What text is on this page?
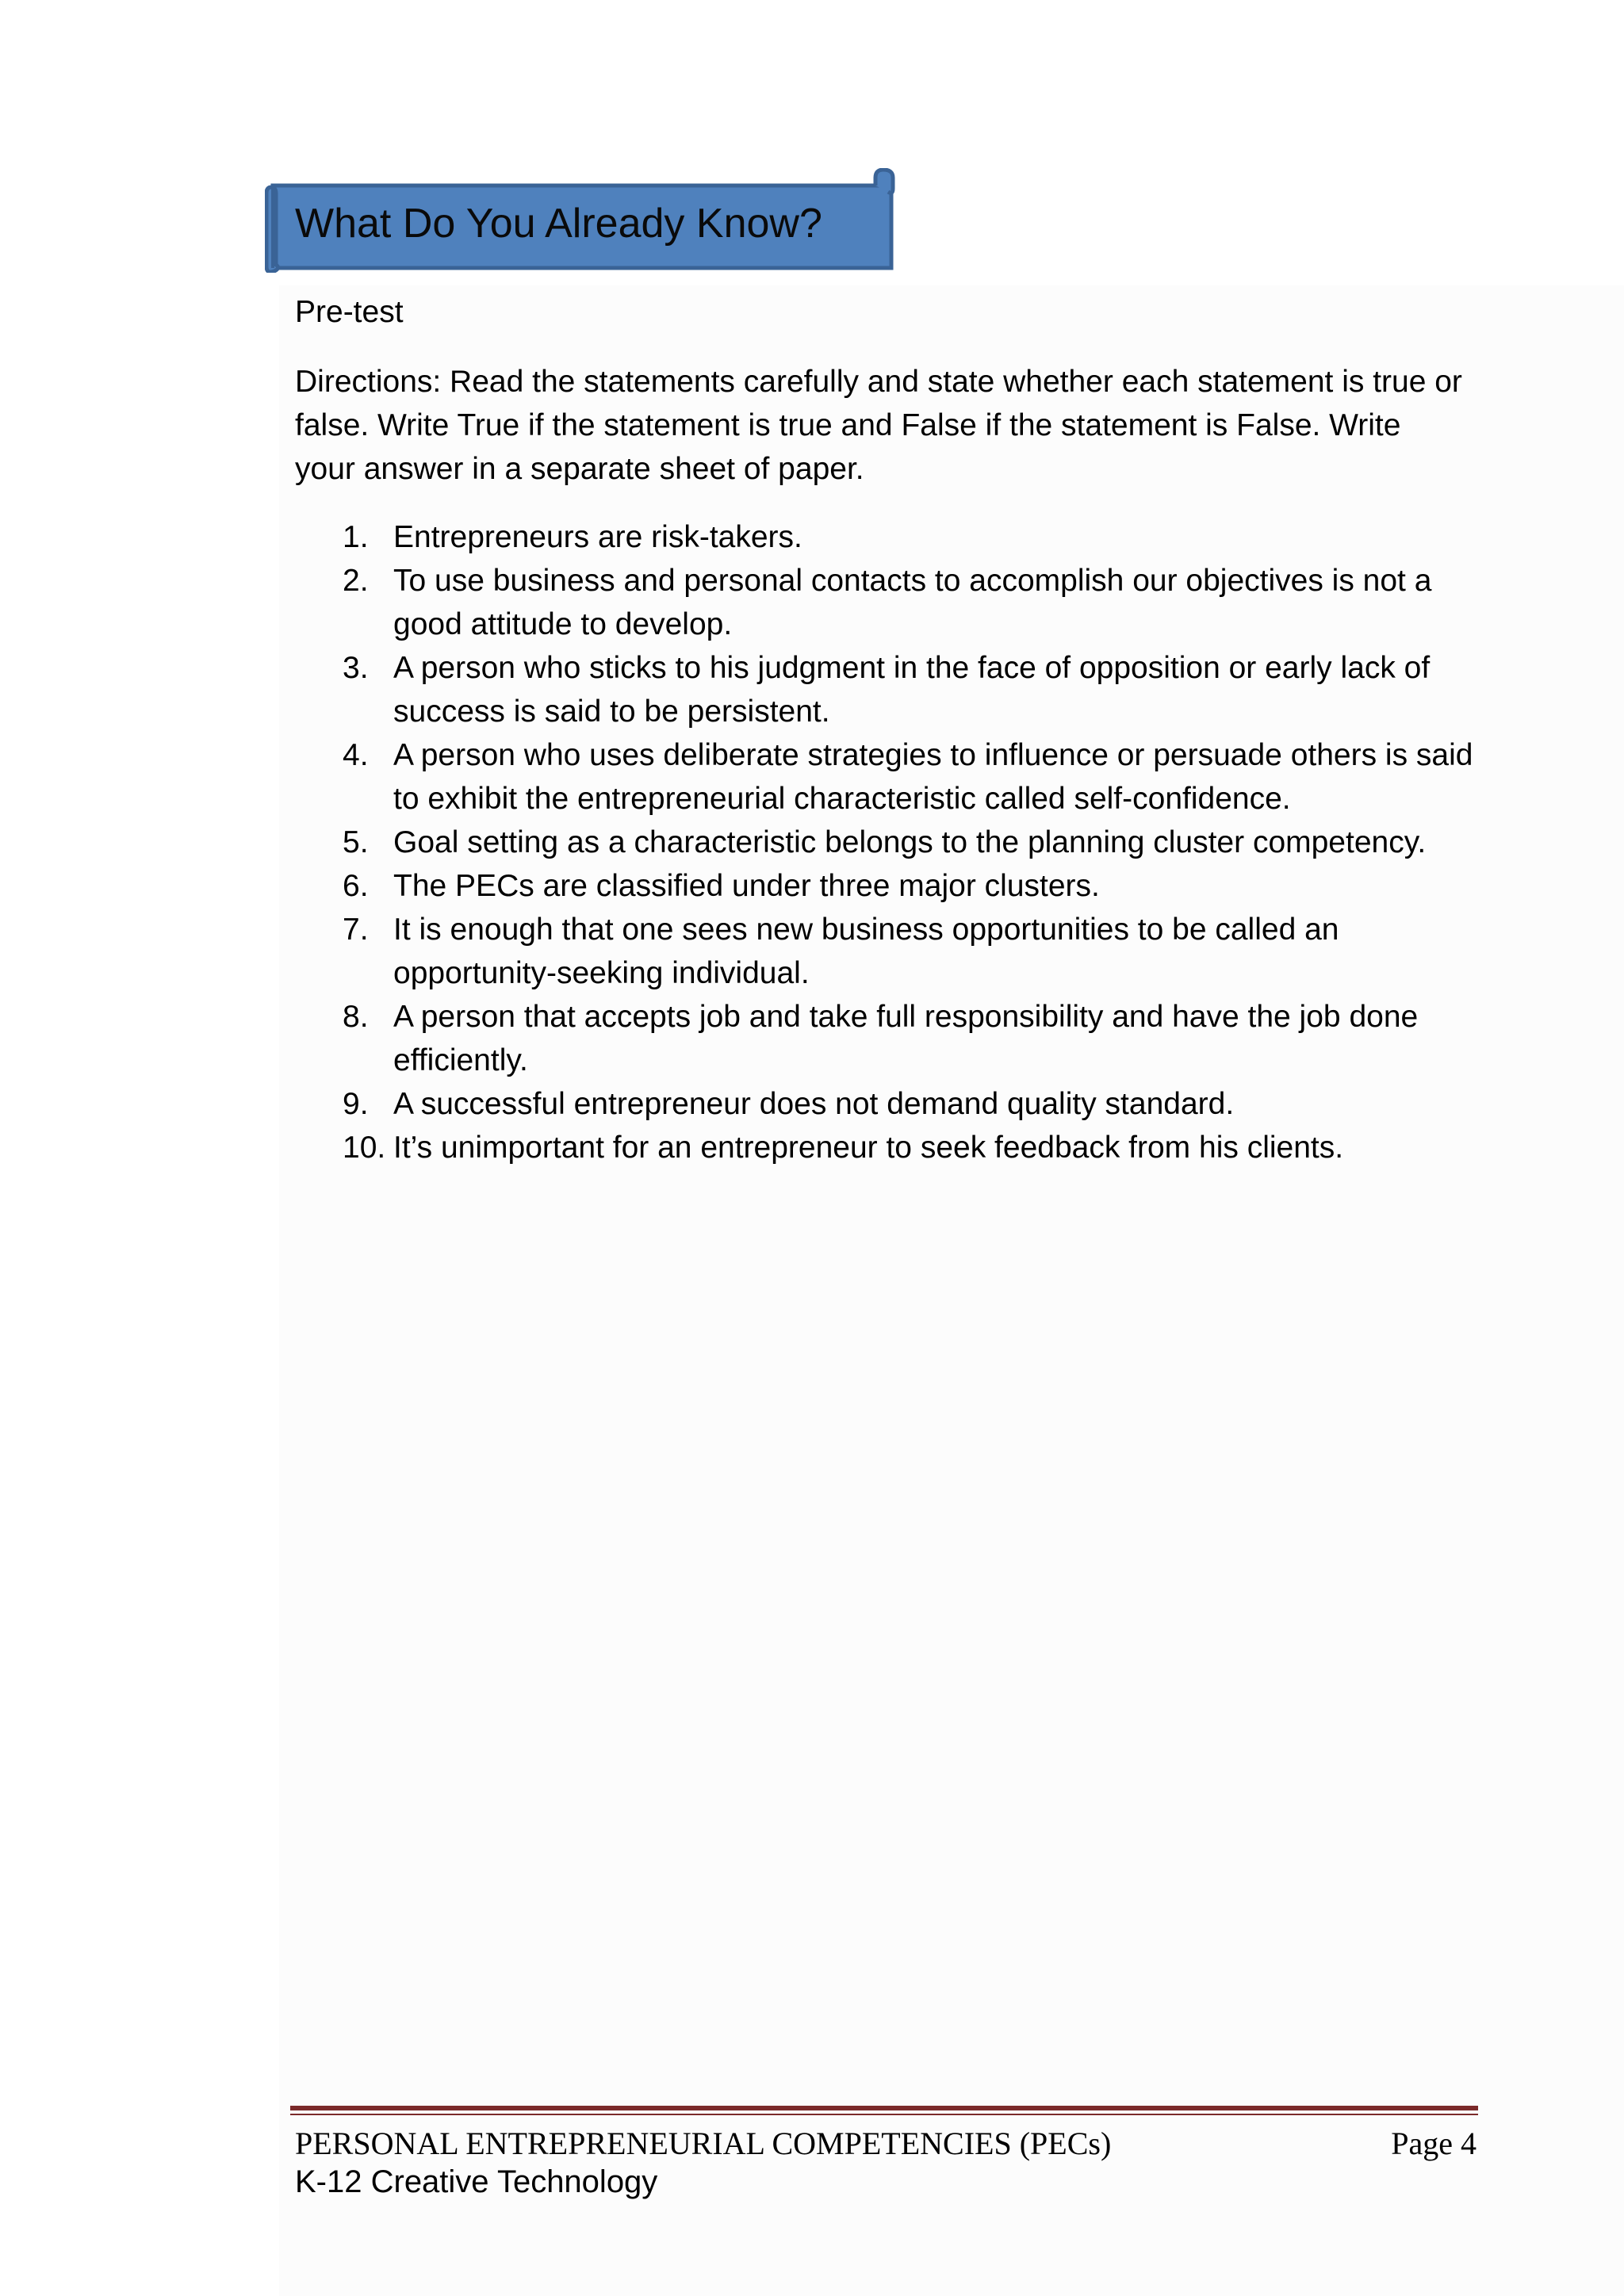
What Do You Already Know?

Pre-test

Directions: Read the statements carefully and state whether each statement is true or false. Write True if the statement is true and False if the statement is False. Write your answer in a separate sheet of paper.

1. Entrepreneurs are risk-takers.
2. To use business and personal contacts to accomplish our objectives is not a good attitude to develop.
3. A person who sticks to his judgment in the face of opposition or early lack of success is said to be persistent.
4. A person who uses deliberate strategies to influence or persuade others is said to exhibit the entrepreneurial characteristic called self-confidence.
5. Goal setting as a characteristic belongs to the planning cluster competency.
6. The PECs are classified under three major clusters.
7. It is enough that one sees new business opportunities to be called an opportunity-seeking individual.
8. A person that accepts job and take full responsibility and have the job done efficiently.
9. A successful entrepreneur does not demand quality standard.
10. It’s unimportant for an entrepreneur to seek feedback from his clients.
PERSONAL ENTREPRENEURIAL COMPETENCIES (PECs)	Page 4
K-12 Creative Technology
